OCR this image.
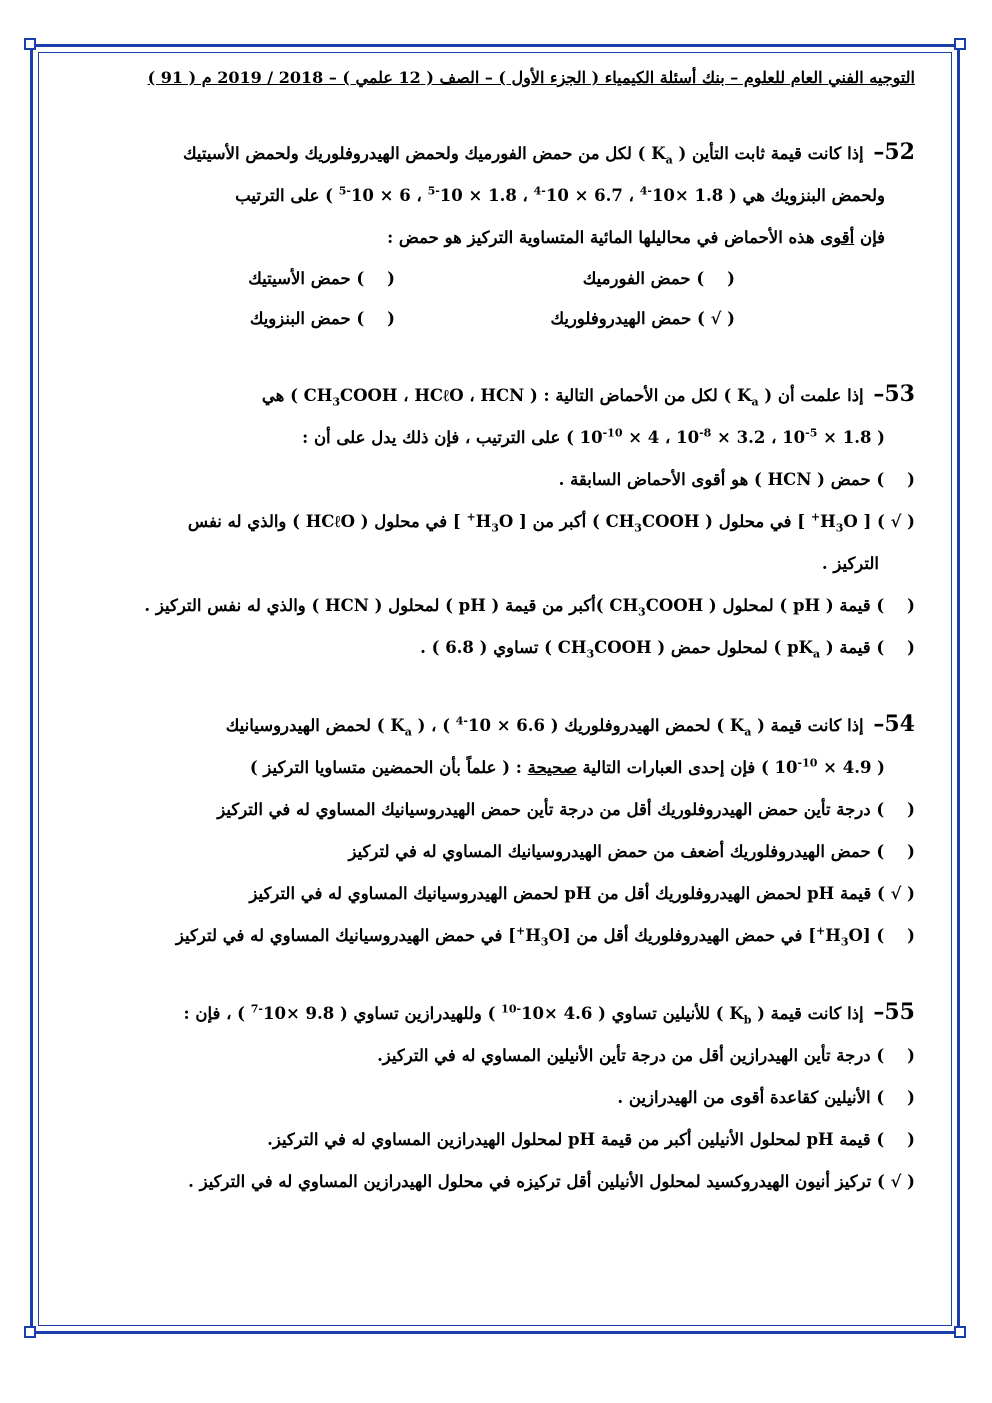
التوجيه الفني العام للعلوم – بنك أسئلة الكيمياء ( الجزء الأول ) – الصف ( 12 علمي ) – 2018 / 2019 م ( 91 )
52– إذا كانت قيمة ثابت التأين ( $K_a$ ) لكل من حمض الفورميك ولحمض الهيدروفلوريك ولحمض الأسيتيك
ولحمض البنزويك هي ( $1.8 \times 10^{-4}$ ، $6.7 \times 10^{-4}$ ، $1.8 \times 10^{-5}$ ، $6 \times 10^{-5}$ ) على الترتيب
فإن أقوى هذه الأحماض في محاليلها المائية المتساوية التركيز هو حمض :
(    ) حمض الفورميك
(    ) حمض الأسيتيك
( √ ) حمض الهيدروفلوريك
(    ) حمض البنزويك
53– إذا علمت أن ( $K_a$ ) لكل من الأحماض التالية : ( $CH_3COOH$ ، HCℓO ، HCN ) هي
( $1.8 \times 10^{-5}$ ، $3.2 \times 10^{-8}$ ، $4 \times 10^{-10}$ ) على الترتيب ، فإن ذلك يدل على أن :
(    ) حمض ( HCN ) هو أقوى الأحماض السابقة .
( √ ) [ $H_3O^+$ ] في محلول ( $CH_3COOH$ ) أكبر من [ $H_3O^+$ ] في محلول ( HCℓO ) والذي له نفس
التركيز .
(    ) قيمة ( pH ) لمحلول ( $CH_3COOH$ )أكبر من قيمة ( pH ) لمحلول ( HCN ) والذي له نفس التركيز .
(    ) قيمة ( $pK_a$ ) لمحلول حمض ( $CH_3COOH$ ) تساوي ( 6.8 ) .
54– إذا كانت قيمة ( $K_a$ ) لحمض الهيدروفلوريك ( $6.6 \times 10^{-4}$ ) ، ( $K_a$ ) لحمض الهيدروسيانيك
( $4.9 \times 10^{-10}$ ) فإن إحدى العبارات التالية صحيحة : ( علماً بأن الحمضين متساويا التركيز )
(    ) درجة تأين حمض الهيدروفلوريك أقل من درجة تأين حمض الهيدروسيانيك المساوي له في التركيز
(    ) حمض الهيدروفلوريك أضعف من حمض الهيدروسيانيك المساوي له في لتركيز
( √ ) قيمة pH لحمض الهيدروفلوريك أقل من pH لحمض الهيدروسيانيك المساوي له في التركيز
(    ) $[H_3O^+]$ في حمض الهيدروفلوريك أقل من $[H_3O^+]$ في حمض الهيدروسيانيك المساوي له في لتركيز
55– إذا كانت قيمة ( $K_b$ ) للأنيلين تساوي ( $4.6 \times 10^{-10}$ ) وللهيدرازين تساوي ( $9.8 \times 10^{-7}$ ) ، فإن :
(    ) درجة تأين الهيدرازين أقل من درجة تأين الأنيلين المساوي له في التركيز.
(    ) الأنيلين كقاعدة أقوى من الهيدرازين .
(    ) قيمة pH لمحلول الأنيلين أكبر من قيمة pH لمحلول الهيدرازين المساوي له في التركيز.
( √ ) تركيز أنيون الهيدروكسيد لمحلول الأنيلين أقل تركيزه في محلول الهيدرازين المساوي له في التركيز .
